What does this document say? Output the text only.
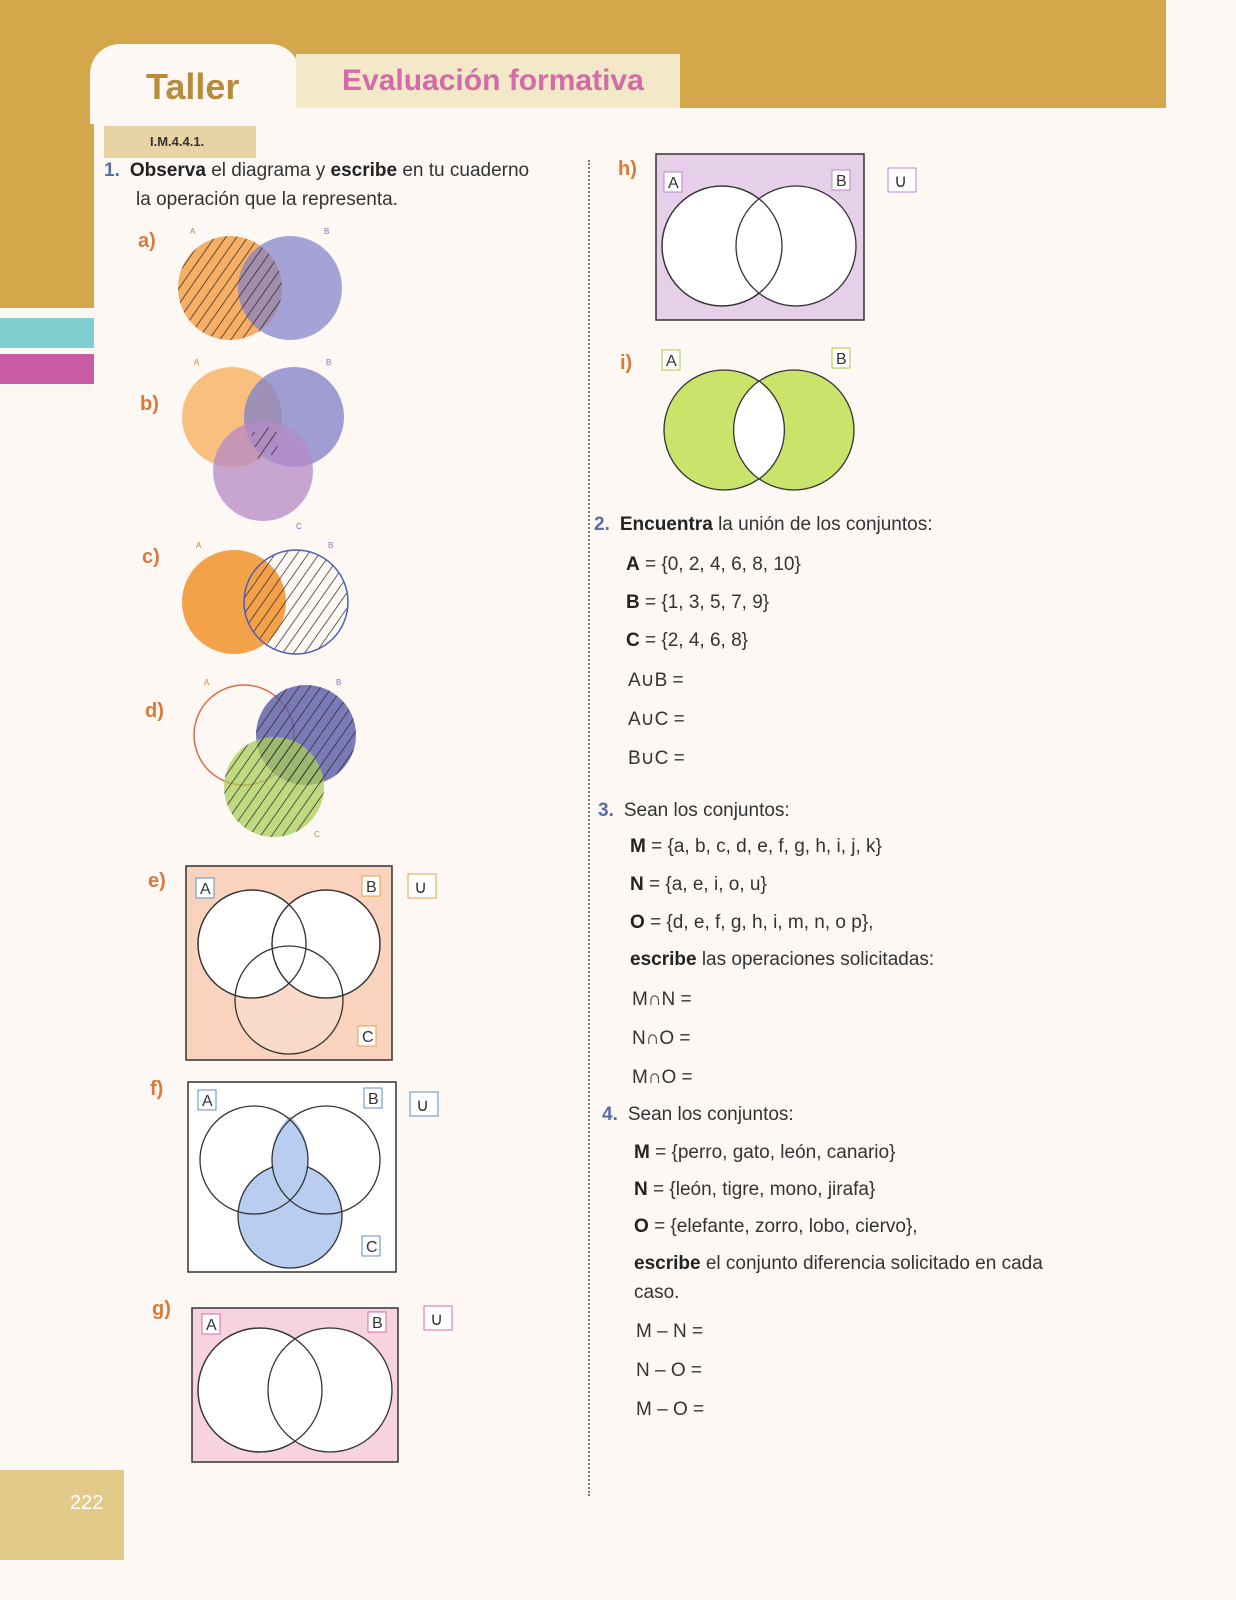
Taller	Evaluación formativa
I.M.4.4.1.
1. Observa el diagrama y escribe en tu cuaderno
la operación que la representa.
a)
b)
c)
d)
e)
f)
g)
h)
i)
A	B
A	B
C
A	B
A	B
C
A	B
C
∪
A	B
C
∪
A	B	∪
A	B	∪
A	B
2. Encuentra la unión de los conjuntos:
A = {0, 2, 4, 6, 8, 10}
B = {1, 3, 5, 7, 9}
C = {2, 4, 6, 8}
A∪B =
A∪C =
B∪C =
3. Sean los conjuntos:
M = {a, b, c, d, e, f, g, h, i, j, k}
N = {a, e, i, o, u}
O = {d, e, f, g, h, i, m, n, o p},
escribe las operaciones solicitadas:
M∩N =
N∩O =
M∩O =
4. Sean los conjuntos:
M = {perro, gato, león, canario}
N = {león, tigre, mono, jirafa}
O = {elefante, zorro, lobo, ciervo},
escribe el conjunto diferencia solicitado en cada
caso.
M – N =
N – O =
M – O =
222
